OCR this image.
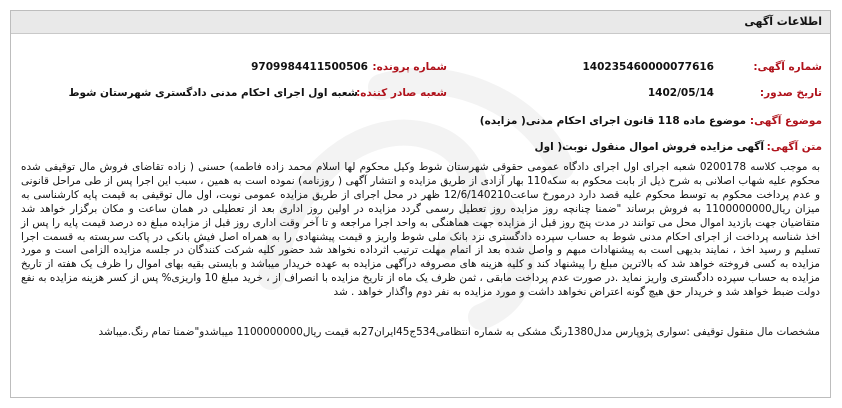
اطلاعات آگهی
شماره آگهی:
140235460000077616
شماره پرونده:
9709984411500506
تاریخ صدور:
1402/05/14
شعبه صادر کننده:
شعبه اول اجرای احکام مدنی دادگستری شهرستان شوط
موضوع آگهی:
موضوع ماده 118 قانون اجرای احکام مدنی( مزایده)
متن آگهی:
آگهی مزایده فروش اموال منقول نوبت( اول
به موجب کلاسه 0200178 شعبه اجرای اول اجرای دادگاه عمومی حقوقی شهرستان شوط وکیل محکوم لها اسلام محمد زاده فاطمه) حسنی ( زاده تقاضای فروش مال توقیفی شده محکوم علیه شهاب اصلانی به شرح ذیل از بابت محکوم به سکه110 بهار آزادی از طریق مزایده و انتشار آگهی ( روزنامه) نموده است به همین ، سبب این اجرا پس از طی مراحل قانونی و عدم پرداخت محکوم به توسط محکوم علیه قصد دارد درمورخ ساعت12/6/140210 ظهر در محل اجرای از طریق مزایده عمومی نوبت، اول مال توقیفی به قیمت پایه کارشناسی به میزان ریال1100000000 به فروش برساند "ضمنا چنانچه روز مزایده روز تعطیل رسمی گردد مزایده در اولین روز اداری بعد از تعطیلی در همان ساعت و مکان برگزار خواهد شد متقاضیان جهت بازدید اموال محل می توانند در مدت پنج روز قبل از مزایده جهت هماهنگی به واحد اجرا مراجعه و تا آخر وقت اداری روز قبل از مزایده مبلغ ده درصد قیمت پایه را پس از اخذ شناسه پرداخت از اجرای احکام مدنی شوط به حساب سپرده دادگستری نزد بانک ملی شوط واریز و قیمت پیشنهادی را به همراه اصل فیش بانکی در پاکت سربسته به قسمت اجرا تسلیم و رسید اخذ ، نمایند بدیهی است به پیشنهادات مبهم و واصل شده بعد از اتمام مهلت ترتیب اثرداده نخواهد شد حضور کلیه شرکت کنندگان در جلسه مزایده الزامی است و مورد مزایده به کسی فروخته خواهد شد که بالاترین مبلغ را پیشنهاد کند و کلیه هزینه های مصروفه درآگهی مزایده به عهده خریدار میباشد و بایستی بقیه بهای اموال را ظرف یک هفته از تاریخ مزایده به حساب سپرده دادگستری واریز نماید .در صورت عدم پرداخت مابقی ، ثمن ظرف یک ماه از تاریخ مزایده با انصراف از ، خرید مبلغ 10 واریزی% پس از کسر هزینه مزایده به نفع دولت ضبط خواهد شد و خریدار حق هیچ گونه اعتراض نخواهد داشت و مورد مزایده به نفر دوم واگذار خواهد . شد
مشخصات مال منقول توقیفی :سواری پژوپارس مدل1380رنگ مشکی به شماره انتظامی534ج45ایران27به قیمت ریال1100000000 میباشدو"ضمنا تمام رنگ.میباشد
